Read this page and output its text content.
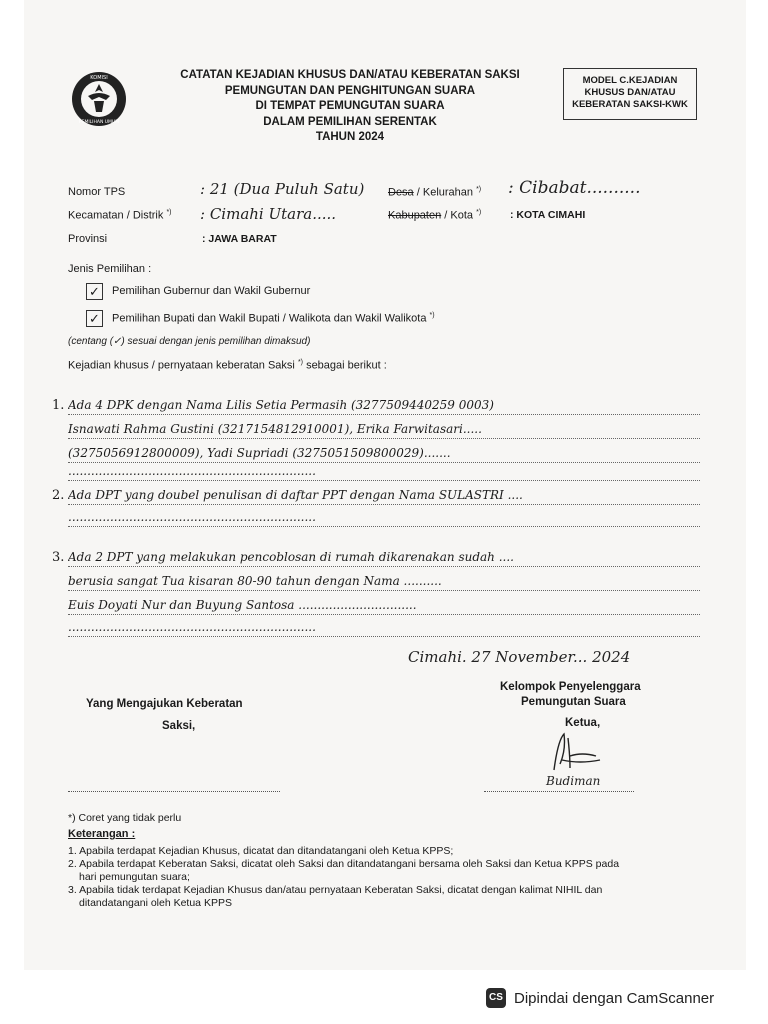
KOMISI
PEMILIHAN UMUM
CATATAN KEJADIAN KHUSUS DAN/ATAU KEBERATAN SAKSI
PEMUNGUTAN DAN PENGHITUNGAN SUARA
DI TEMPAT PEMUNGUTAN SUARA
DALAM PEMILIHAN SERENTAK
TAHUN 2024
MODEL C.KEJADIAN
KHUSUS DAN/ATAU
KEBERATAN SAKSI-KWK
Nomor TPS	: 21 (Dua Puluh Satu) Desa / Kelurahan *) : Cibabat..........
Kecamatan / Distrik *) : Cimahi Utara.....	Kabupaten / Kota *)	: KOTA CIMAHI
Provinsi	: JAWA BARAT
Jenis Pemilihan :
✓ Pemilihan Gubernur dan Wakil Gubernur
✓ Pemilihan Bupati dan Wakil Bupati / Walikota dan Wakil Walikota *)
(centang (✓) sesuai dengan jenis pemilihan dimaksud)
Kejadian khusus / pernyataan keberatan Saksi *) sebagai berikut :
1.
2.
3.
Ada 4 DPK dengan Nama Lilis Setia Permasih (3277509440259 0003)
Isnawati Rahma Gustini (3217154812910001), Erika Farwitasari.....
(3275056912800009), Yadi Supriadi (3275051509800029).......
.................................................................
Ada DPT yang doubel penulisan di daftar PPT dengan Nama SULASTRI ....
.................................................................
Ada 2 DPT yang melakukan pencoblosan di rumah dikarenakan sudah ....
berusia sangat Tua kisaran 80-90 tahun dengan Nama ..........
Euis Doyati Nur dan Buyung Santosa ...............................
.................................................................
Cimahi. 27 November... 2024
Yang Mengajukan Keberatan
Saksi,
Kelompok Penyelenggara
Pemungutan Suara
Ketua,
Budiman
*) Coret yang tidak perlu
Keterangan :
1. Apabila terdapat Kejadian Khusus, dicatat dan ditandatangani oleh Ketua KPPS;
2. Apabila terdapat Keberatan Saksi, dicatat oleh Saksi dan ditandatangani bersama oleh Saksi dan Ketua KPPS pada
hari pemungutan suara;
3. Apabila tidak terdapat Kejadian Khusus dan/atau pernyataan Keberatan Saksi, dicatat dengan kalimat NIHIL dan
ditandatangani oleh Ketua KPPS
CS Dipindai dengan CamScanner
